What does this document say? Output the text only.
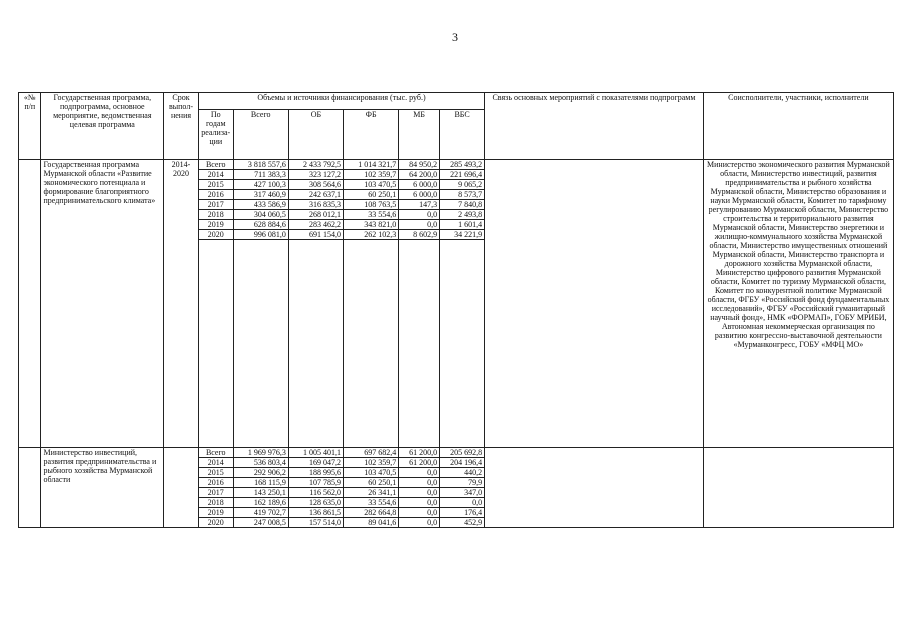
3
«№ п/п	Государственная программа, подпрограмма, основное мероприятие, ведомственная целевая программа	Срок выпол-нения	Объемы и источники финансирования (тыс. руб.)						Связь основных мероприятий с показателями подпрограмм	Соисполнители, участники, исполнители
			По годам реализа-ции	Всего	ОБ	ФБ	МБ	ВБС		
	Государственная программа Мурманской области «Развитие экономического потенциала и формирование благоприятного предпринимательского климата»	2014-2020	Всего	3 818 557,6	2 433 792,5	1 014 321,7	84 950,2	285 493,2		Министерство экономического развития Мурманской области, Министерство инвестиций, развития предпринимательства и рыбного хозяйства Мурманской области, Министерство образования и науки Мурманской области, Комитет по тарифному регулированию Мурманской области, Министерство строительства и территориального развития Мурманской области, Министерство энергетики и жилищно-коммунального хозяйства Мурманской области, Министерство имущественных отношений Мурманской области, Министерство транспорта и дорожного хозяйства Мурманской области, Министерство цифрового развития Мурманской области, Комитет по туризму Мурманской области, Комитет по конкурентной политике Мурманской области, ФГБУ «Российский фонд фундаментальных исследований», ФГБУ «Российский гуманитарный научный фонд», НМК «ФОРМАП», ГОБУ МРИБИ, Автономная некоммерческая организация по развитию конгрессно-выставочной деятельности «Мурманконгресс, ГОБУ «МФЦ МО»
			2014	711 383,3	323 127,2	102 359,7	64 200,0	221 696,4		
			2015	427 100,3	308 564,6	103 470,5	6 000,0	9 065,2		
			2016	317 460,9	242 637,1	60 250,1	6 000,0	8 573,7		
			2017	433 586,9	316 835,3	108 763,5	147,3	7 840,8		
			2018	304 060,5	268 012,1	33 554,6	0,0	2 493,8		
			2019	628 884,6	283 462,2	343 821,0	0,0	1 601,4		
			2020	996 081,0	691 154,0	262 102,3	8 602,9	34 221,9		

	Министерство инвестиций, развития предпринимательства и рыбного хозяйства Мурманской области		Всего	1 969 976,3	1 005 401,1	697 682,4	61 200,0	205 692,8		
			2014	536 803,4	169 047,2	102 359,7	61 200,0	204 196,4		
			2015	292 906,2	188 995,6	103 470,5	0,0	440,2		
			2016	168 115,9	107 785,9	60 250,1	0,0	79,9		
			2017	143 250,1	116 562,0	26 341,1	0,0	347,0		
			2018	162 189,6	128 635,0	33 554,6	0,0	0,0		
			2019	419 702,7	136 861,5	282 664,8	0,0	176,4		
			2020	247 008,5	157 514,0	89 041,6	0,0	452,9		
